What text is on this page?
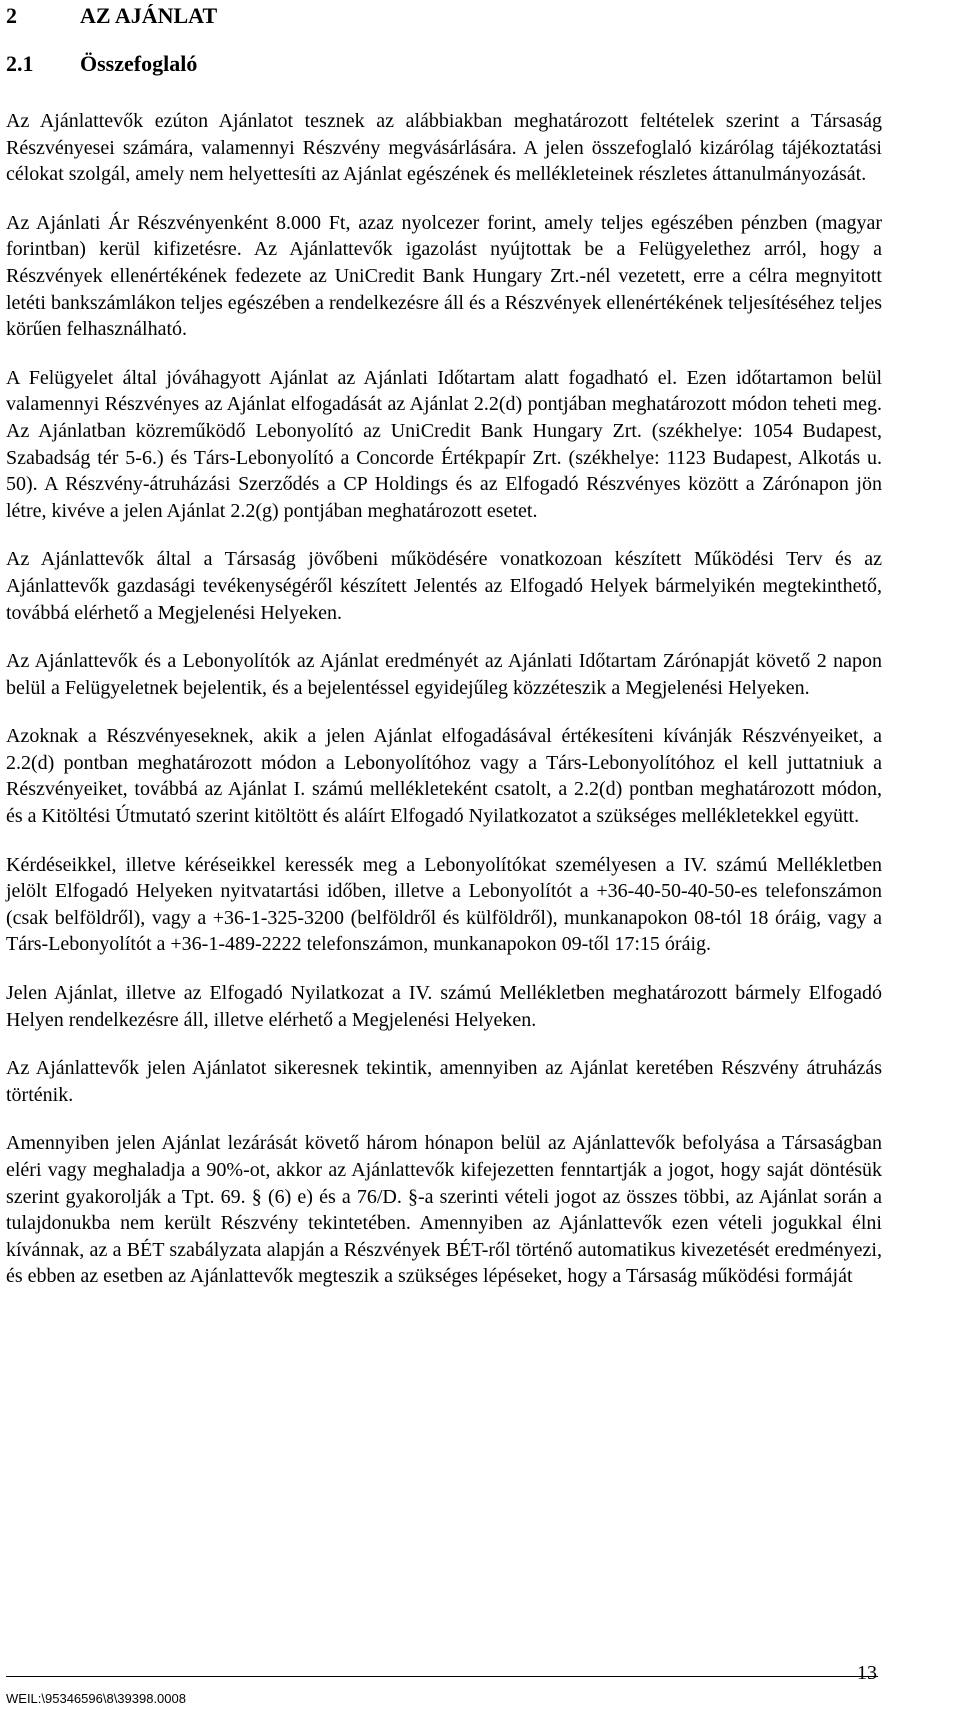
2	AZ AJÁNLAT
2.1 Összefoglaló

Az Ajánlattevők ezúton Ajánlatot tesznek az alábbiakban meghatározott feltételek szerint a Társaság Részvényesei számára, valamennyi Részvény megvásárlására. A jelen összefoglaló kizárólag tájékoztatási célokat szolgál, amely nem helyettesíti az Ajánlat egészének és mellékleteinek részletes áttanulmányozását.

Az Ajánlati Ár Részvényenként 8.000 Ft, azaz nyolcezer forint, amely teljes egészében pénzben (magyar forintban) kerül kifizetésre. Az Ajánlattevők igazolást nyújtottak be a Felügyelethez arról, hogy a Részvények ellenértékének fedezete az UniCredit Bank Hungary Zrt.-nél vezetett, erre a célra megnyitott letéti bankszámlákon teljes egészében a rendelkezésre áll és a Részvények ellenértékének teljesítéséhez teljes körűen felhasználható.

A Felügyelet által jóváhagyott Ajánlat az Ajánlati Időtartam alatt fogadható el. Ezen időtartamon belül valamennyi Részvényes az Ajánlat elfogadását az Ajánlat 2.2(d) pontjában meghatározott módon teheti meg. Az Ajánlatban közreműködő Lebonyolító az UniCredit Bank Hungary Zrt. (székhelye: 1054 Budapest, Szabadság tér 5-6.) és Társ-Lebonyolító a Concorde Értékpapír Zrt. (székhelye: 1123 Budapest, Alkotás u. 50). A Részvény-átruházási Szerződés a CP Holdings és az Elfogadó Részvényes között a Zárónapon jön létre, kivéve a jelen Ajánlat 2.2(g) pontjában meghatározott esetet.

Az Ajánlattevők által a Társaság jövőbeni működésére vonatkozoan készített Működési Terv és az Ajánlattevők gazdasági tevékenységéről készített Jelentés az Elfogadó Helyek bármelyikén megtekinthető, továbbá elérhető a Megjelenési Helyeken.

Az Ajánlattevők és a Lebonyolítók az Ajánlat eredményét az Ajánlati Időtartam Zárónapját követő 2 napon belül a Felügyeletnek bejelentik, és a bejelentéssel egyidejűleg közzéteszik a Megjelenési Helyeken.

Azoknak a Részvényeseknek, akik a jelen Ajánlat elfogadásával értékesíteni kívánják Részvényeiket, a 2.2(d) pontban meghatározott módon a Lebonyolítóhoz vagy a Társ-Lebonyolítóhoz el kell juttatniuk a Részvényeiket, továbbá az Ajánlat I. számú mellékleteként csatolt, a 2.2(d) pontban meghatározott módon, és a Kitöltési Útmutató szerint kitöltött és aláírt Elfogadó Nyilatkozatot a szükséges mellékletekkel együtt.

Kérdéseikkel, illetve kéréseikkel keressék meg a Lebonyolítókat személyesen a IV. számú Mellékletben jelölt Elfogadó Helyeken nyitvatartási időben, illetve a Lebonyolítót a +36-40-50-40-50-es telefonszámon (csak belföldről), vagy a +36-1-325-3200 (belföldről és külföldről), munkanapokon 08-tól 18 óráig, vagy a Társ-Lebonyolítót a +36-1-489-2222 telefonszámon, munkanapokon 09-től 17:15 óráig.

Jelen Ajánlat, illetve az Elfogadó Nyilatkozat a IV. számú Mellékletben meghatározott bármely Elfogadó Helyen rendelkezésre áll, illetve elérhető a Megjelenési Helyeken.

Az Ajánlattevők jelen Ajánlatot sikeresnek tekintik, amennyiben az Ajánlat keretében Részvény átruházás történik.

Amennyiben jelen Ajánlat lezárását követő három hónapon belül az Ajánlattevők befolyása a Társaságban eléri vagy meghaladja a 90%-ot, akkor az Ajánlattevők kifejezetten fenntartják a jogot, hogy saját döntésük szerint gyakorolják a Tpt. 69. § (6) e) és a 76/D. §-a szerinti vételi jogot az összes többi, az Ajánlat során a tulajdonukba nem került Részvény tekintetében. Amennyiben az Ajánlattevők ezen vételi jogukkal élni kívánnak, az a BÉT szabályzata alapján a Részvények BÉT-ről történő automatikus kivezetését eredményezi, és ebben az esetben az Ajánlattevők megteszik a szükséges lépéseket, hogy a Társaság működési formáját

WEIL:\95346596\8\39398.0008
13
